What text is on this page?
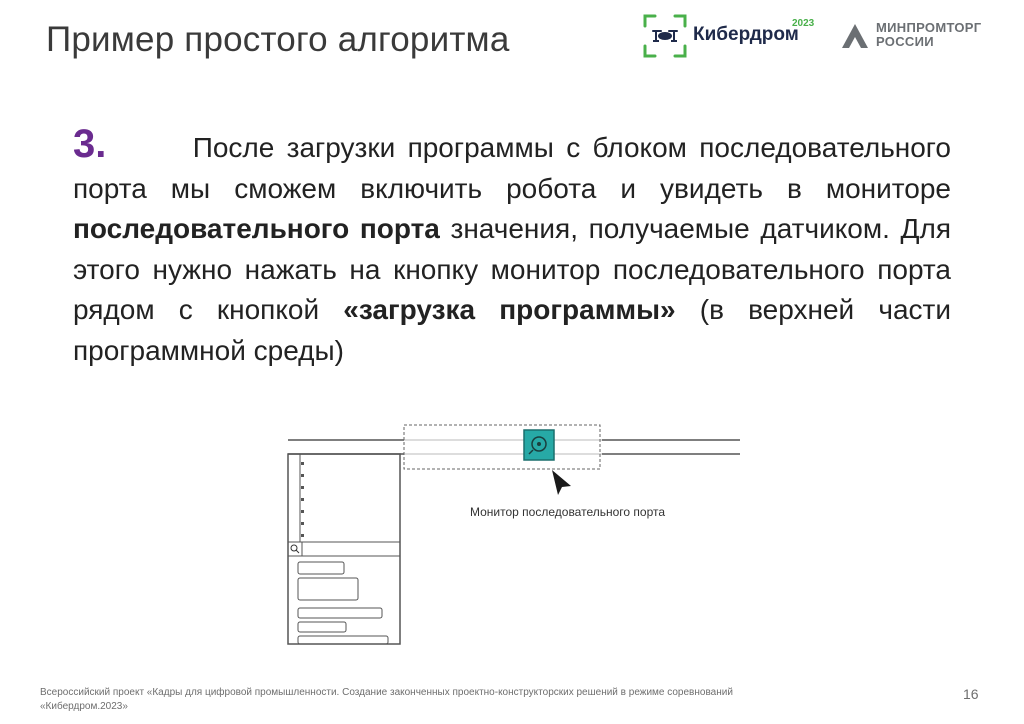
Пример простого алгоритма	Кибердром
2023	МИНПРОМТОРГ
РОССИИ
3.	После загрузки программы с блоком последовательного порта мы сможем включить робота и увидеть в мониторе последовательного порта значения, получаемые датчиком. Для этого нужно нажать на кнопку монитор последовательного порта рядом с кнопкой «загрузка программы» (в верхней части программной среды)
Монитор последовательного порта
Всероссийский проект «Кадры для цифровой промышленности. Создание законченных проектно-конструкторских решений в режиме соревнований «Кибердром.2023»
16
